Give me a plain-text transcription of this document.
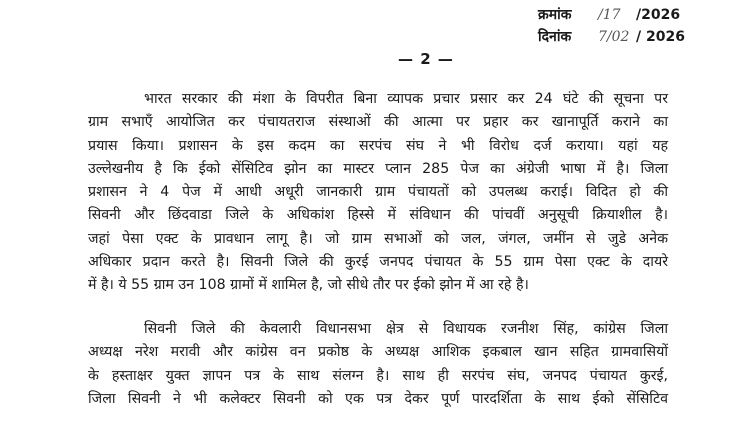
क्रमांक /17 /2026
दिनांक 7/02 / 2026
— 2 —
भारत सरकार की मंशा के विपरीत बिना व्यापक प्रचार प्रसार कर 24 घंटे की सूचना पर
ग्राम सभाएँ आयोजित कर पंचायतराज संस्थाओं की आत्मा पर प्रहार कर खानापूर्ति कराने का
प्रयास किया। प्रशासन के इस कदम का सरपंच संघ ने भी विरोध दर्ज कराया। यहां यह
उल्लेखनीय है कि ईको सेंसिटिव झोन का मास्टर प्लान 285 पेज का अंग्रेजी भाषा में है। जिला
प्रशासन ने 4 पेज में आधी अधूरी जानकारी ग्राम पंचायतों को उपलब्ध कराई। विदित हो की
सिवनी और छिंदवाडा जिले के अधिकांश हिस्से में संविधान की पांचवीं अनुसूची क्रियाशील है।
जहां पेसा एक्ट के प्रावधान लागू है। जो ग्राम सभाओं को जल, जंगल, जमींन से जुडे अनेक
अधिकार प्रदान करते है। सिवनी जिले की कुरई जनपद पंचायत के 55 ग्राम पेसा एक्ट के दायरे
में है। ये 55 ग्राम उन 108 ग्रामों में शामिल है, जो सीधे तौर पर ईको झोन में आ रहे है।
सिवनी जिले की केवलारी विधानसभा क्षेत्र से विधायक रजनीश सिंह, कांग्रेस जिला
अध्यक्ष नरेश मरावी और कांग्रेस वन प्रकोष्ठ के अध्यक्ष आशिक इकबाल खान सहित ग्रामवासियों
के हस्ताक्षर युक्त ज्ञापन पत्र के साथ संलग्न है। साथ ही सरपंच संघ, जनपद पंचायत कुरई,
जिला सिवनी ने भी कलेक्टर सिवनी को एक पत्र देकर पूर्ण पारदर्शिता के साथ ईको सेंसिटिव
